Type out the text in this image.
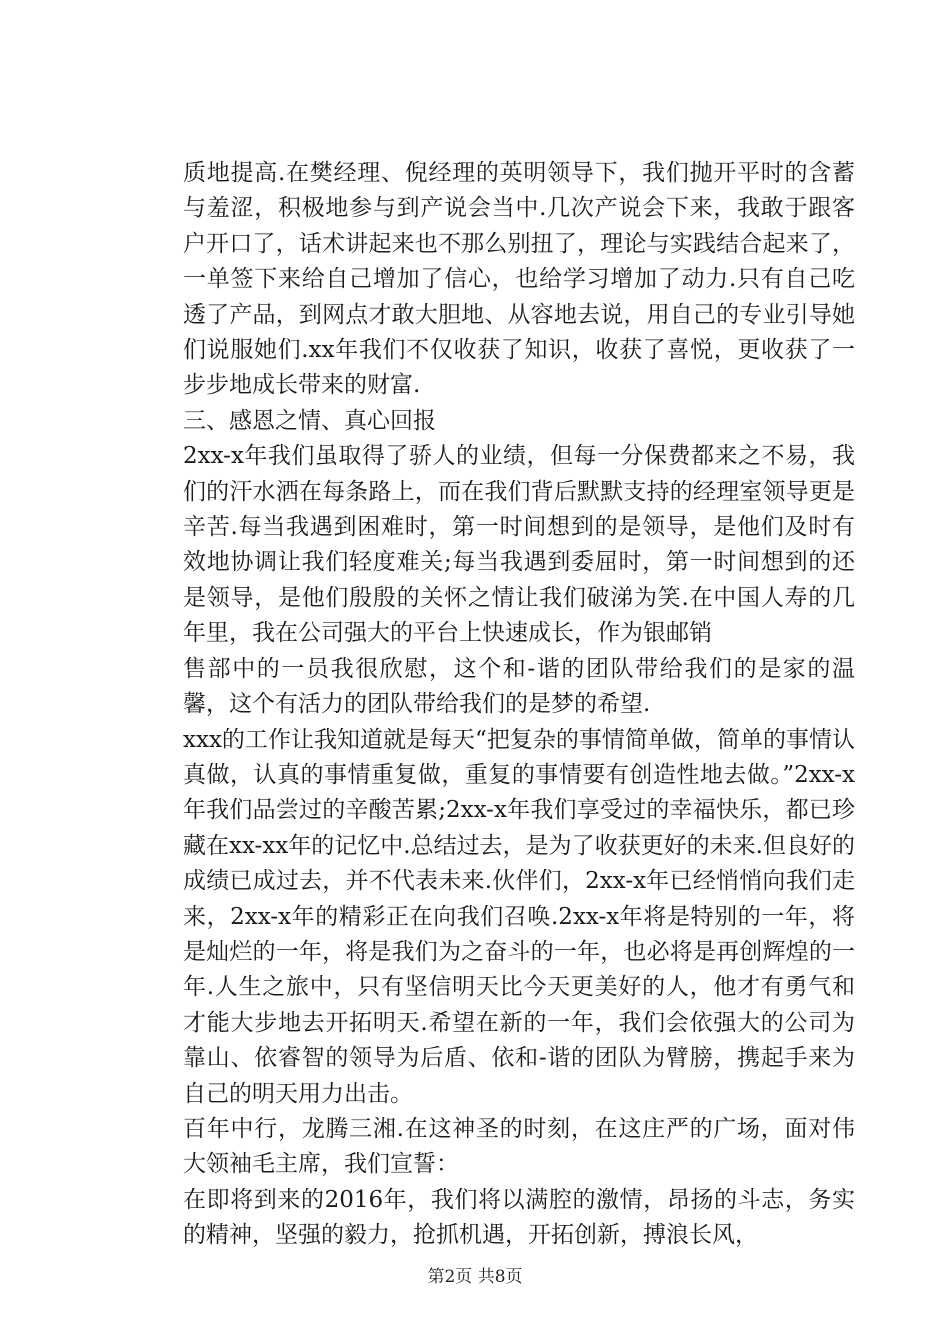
质地提高.在樊经理、倪经理的英明领导下，我们抛开平时的含蓄与羞涩，积极地参与到产说会当中.几次产说会下来，我敢于跟客户开口了，话术讲起来也不那么别扭了，理论与实践结合起来了，一单签下来给自己增加了信心，也给学习增加了动力.只有自己吃透了产品，到网点才敢大胆地、从容地去说，用自己的专业引导她们说服她们.xx年我们不仅收获了知识，收获了喜悦，更收获了一步步地成长带来的财富.

三、感恩之情、真心回报

2xx-x年我们虽取得了骄人的业绩，但每一分保费都来之不易，我们的汗水洒在每条路上，而在我们背后默默支持的经理室领导更是辛苦.每当我遇到困难时，第一时间想到的是领导，是他们及时有效地协调让我们轻度难关;每当我遇到委屈时，第一时间想到的还是领导，是他们殷殷的关怀之情让我们破涕为笑.在中国人寿的几年里，我在公司强大的平台上快速成长，作为银邮销

售部中的一员我很欣慰，这个和-谐的团队带给我们的是家的温馨，这个有活力的团队带给我们的是梦的希望.

xxx的工作让我知道就是每天“把复杂的事情简单做，简单的事情认真做，认真的事情重复做，重复的事情要有创造性地去做。”2xx-x年我们品尝过的辛酸苦累;2xx-x年我们享受过的幸福快乐，都已珍藏在xx-xx年的记忆中.总结过去，是为了收获更好的未来.但良好的成绩已成过去，并不代表未来.伙伴们，2xx-x年已经悄悄向我们走来，2xx-x年的精彩正在向我们召唤.2xx-x年将是特别的一年，将是灿烂的一年，将是我们为之奋斗的一年，也必将是再创辉煌的一年.人生之旅中，只有坚信明天比今天更美好的人，他才有勇气和才能大步地去开拓明天.希望在新的一年，我们会依强大的公司为靠山、依睿智的领导为后盾、依和-谐的团队为臂膀，携起手来为自己的明天用力出击。

百年中行，龙腾三湘.在这神圣的时刻，在这庄严的广场，面对伟大领袖毛主席，我们宣誓：

在即将到来的2016年，我们将以满腔的激情，昂扬的斗志，务实的精神，坚强的毅力，抢抓机遇，开拓创新，搏浪长风，

第2页 共8页
